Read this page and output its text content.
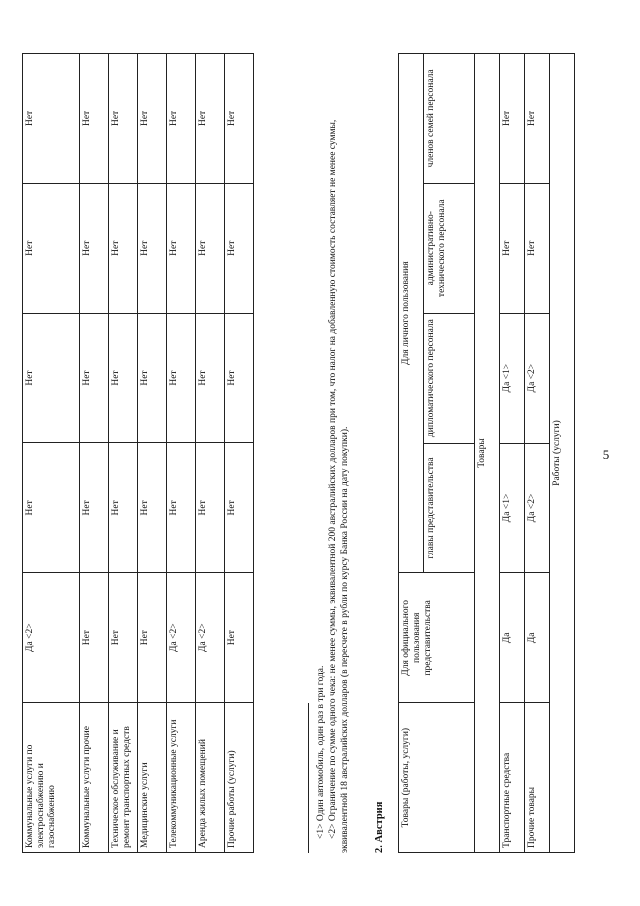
5
Коммунальные услуги по электроснабжению и газоснабжению	Да <2>	Нет	Нет	Нет	Нет
Коммунальные услуги прочие	Нет	Нет	Нет	Нет	Нет
Техническое обслуживание и ремонт транспортных средств	Нет	Нет	Нет	Нет	Нет
Медицинские услуги	Нет	Нет	Нет	Нет	Нет
Телекоммуникационные услуги	Да <2>	Нет	Нет	Нет	Нет
Аренда жилых помещений	Да <2>	Нет	Нет	Нет	Нет
Прочие работы (услуги)	Нет	Нет	Нет	Нет	Нет

<1> Один автомобиль, один раз в три года. <2> Ограничение по сумме одного чека: не менее суммы, эквивалентной 200 австралийских долларов при том, что налог на добавленную стоимость составляет не менее суммы, эквивалентной 18 австралийских долларов (в пересчете в рубли по курсу Банка России на дату покупки). 2. Австрия Товары (работы, услуги)	Для официального пользования представительства	Для личного пользования			
		главы представительства	дипломатического персонала	административно-технического персонала	членов семей персонала
Товары					
Транспортные средства	Да	Да <1>	Да <1>	Нет	Нет
Прочие товары	Да	Да <2>	Да <2>	Нет	Нет
Работы (услуги)					
